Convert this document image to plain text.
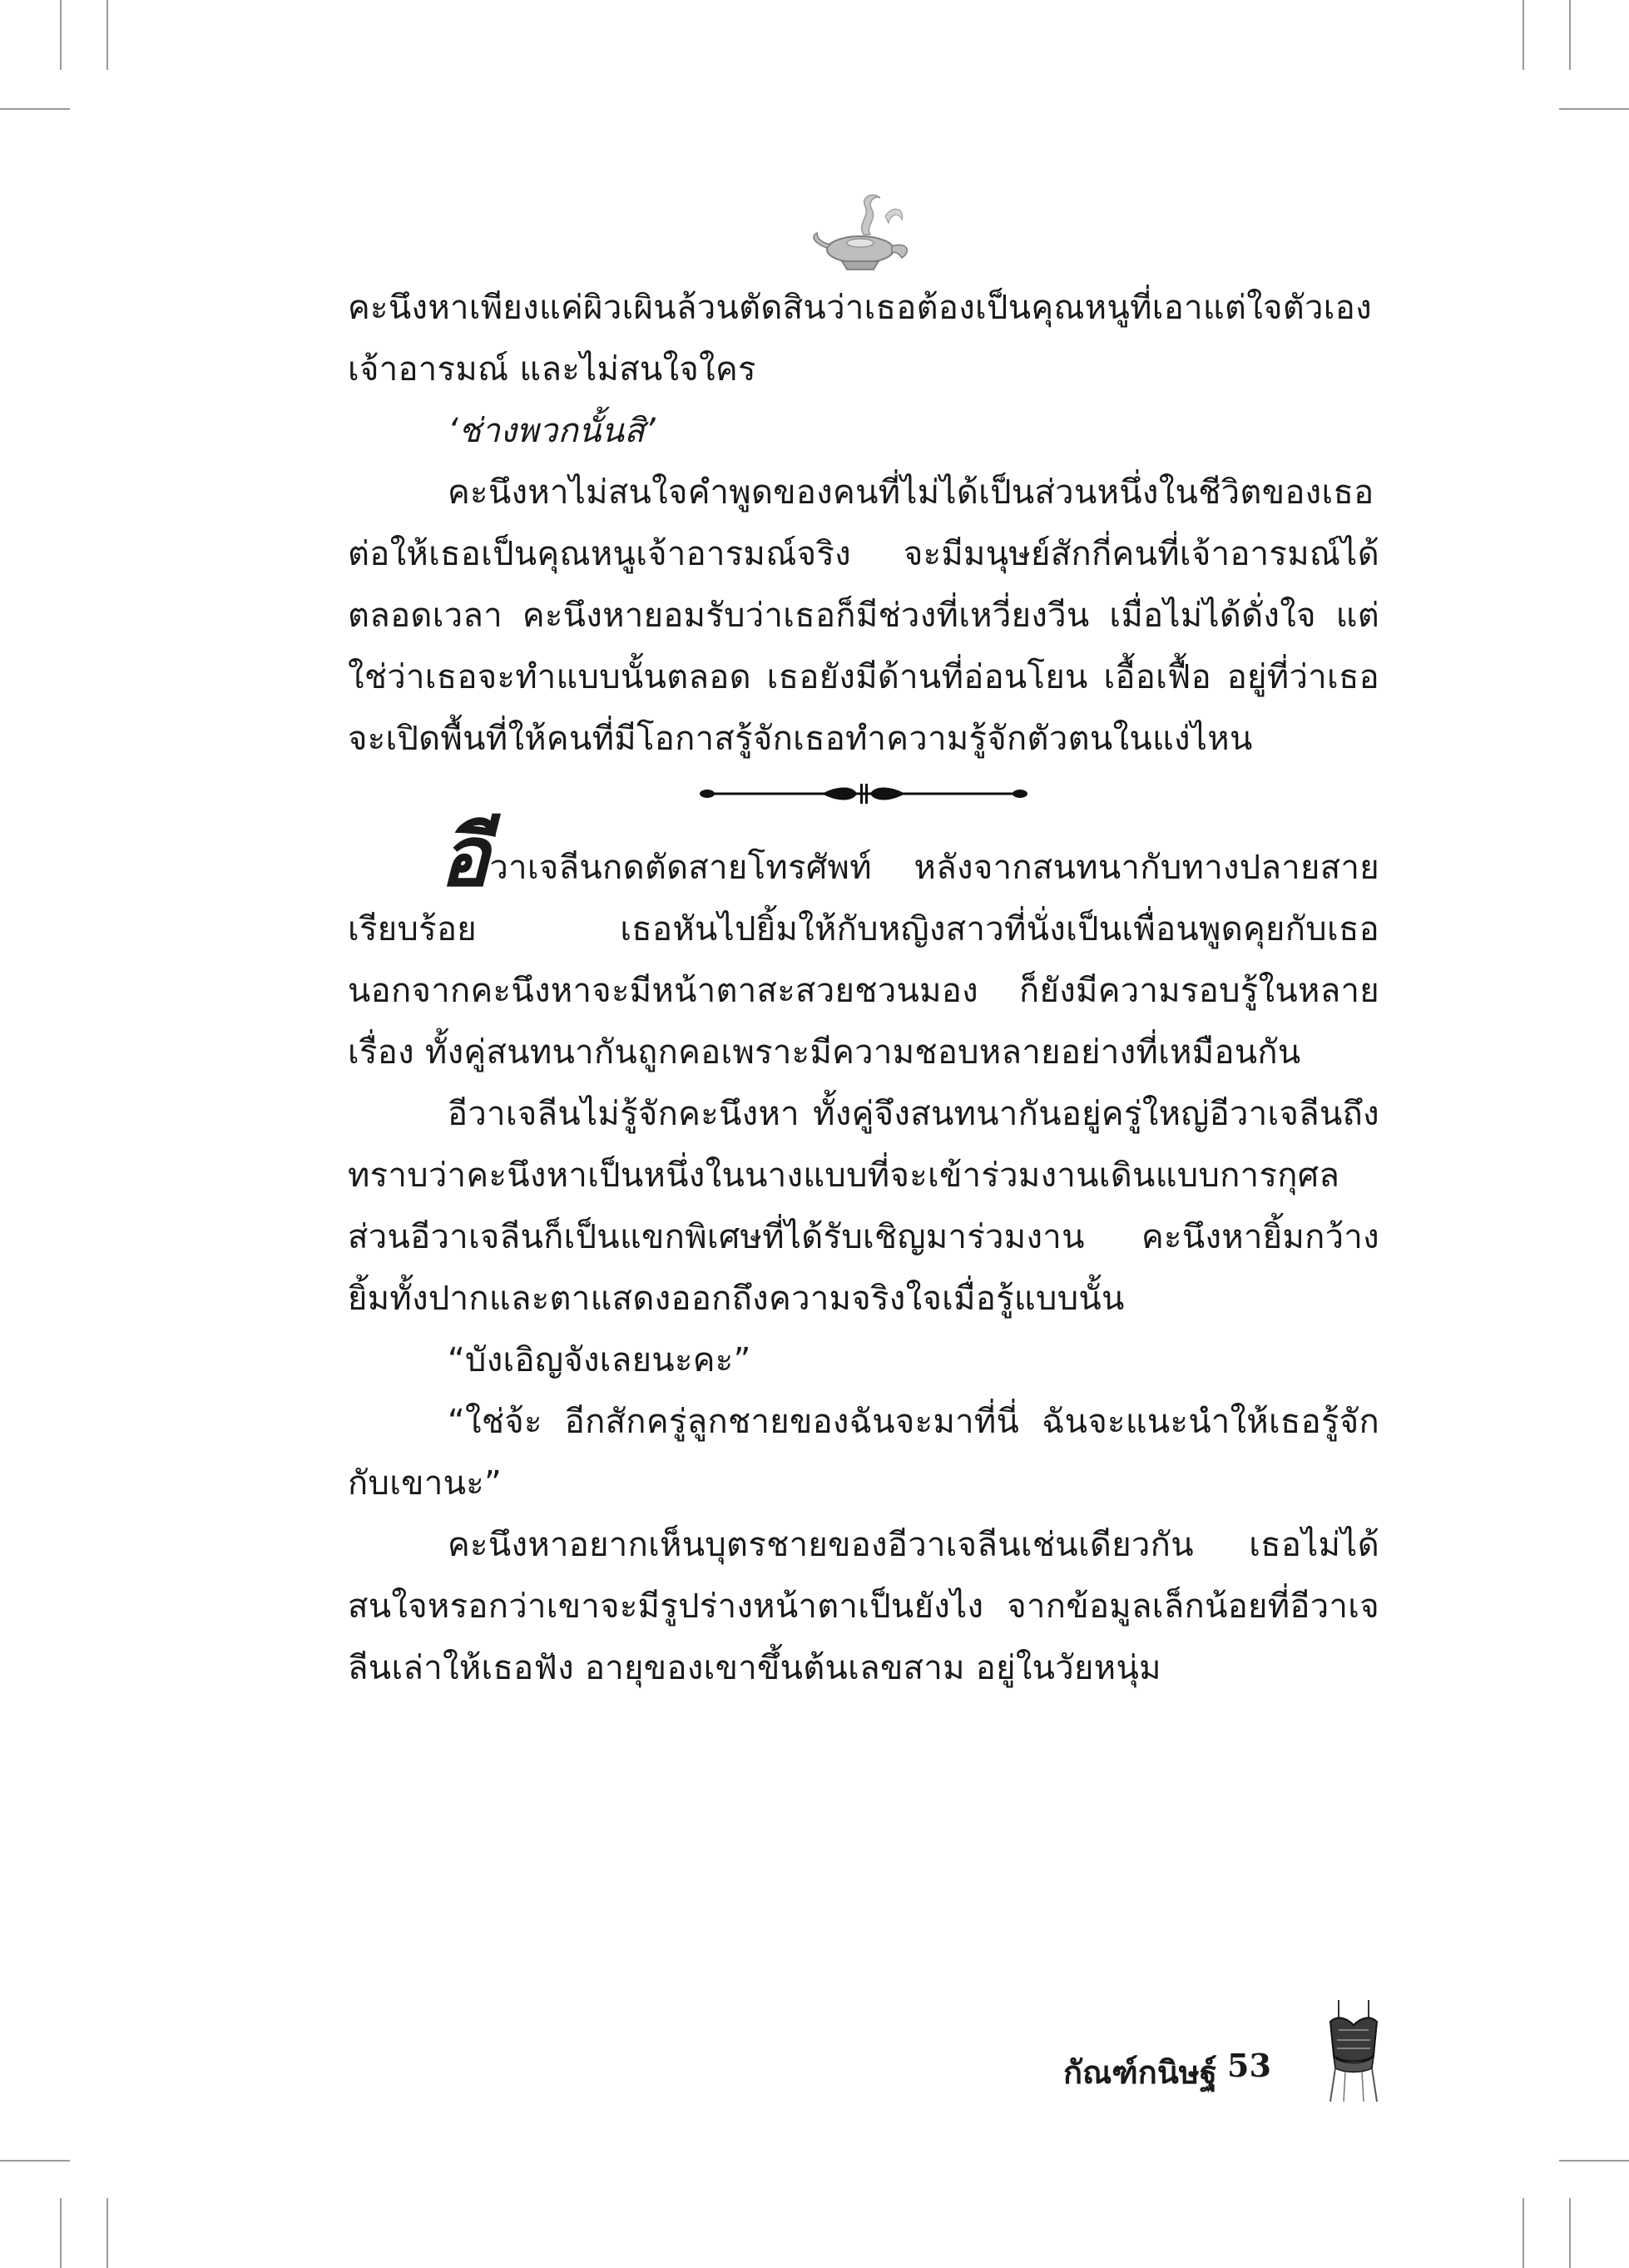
คะนึงหาเพียงแค่ผิวเผินล้วนตัดสินว่าเธอต้องเป็นคุณหนูที่เอาแต่ใจตัวเอง เจ้าอารมณ์ และไม่สนใจใคร

‘ช่างพวกนั้นสิ’

คะนึงหาไม่สนใจคำพูดของคนที่ไม่ได้เป็นส่วนหนึ่งในชีวิตของเธอ ต่อให้เธอเป็นคุณหนูเจ้าอารมณ์จริง จะมีมนุษย์สักกี่คนที่เจ้าอารมณ์ได้ตลอดเวลา คะนึงหายอมรับว่าเธอก็มีช่วงที่เหวี่ยงวีน เมื่อไม่ได้ดั่งใจ แต่ใช่ว่าเธอจะทำแบบนั้นตลอด เธอยังมีด้านที่อ่อนโยน เอื้อเฟื้อ อยู่ที่ว่าเธอจะเปิดพื้นที่ให้คนที่มีโอกาสรู้จักเธอทำความรู้จักตัวตนในแง่ไหน

อีวาเจลีนกดตัดสายโทรศัพท์ หลังจากสนทนากับทางปลายสายเรียบร้อย เธอหันไปยิ้มให้กับหญิงสาวที่นั่งเป็นเพื่อนพูดคุยกับเธอ นอกจากคะนึงหาจะมีหน้าตาสะสวยชวนมอง ก็ยังมีความรอบรู้ในหลายเรื่อง ทั้งคู่สนทนากันถูกคอเพราะมีความชอบหลายอย่างที่เหมือนกัน

อีวาเจลีนไม่รู้จักคะนึงหา ทั้งคู่จึงสนทนากันอยู่ครู่ใหญ่อีวาเจลีนถึงทราบว่าคะนึงหาเป็นหนึ่งในนางแบบที่จะเข้าร่วมงานเดินแบบการกุศล ส่วนอีวาเจลีนก็เป็นแขกพิเศษที่ได้รับเชิญมาร่วมงาน คะนึงหายิ้มกว้าง ยิ้มทั้งปากและตาแสดงออกถึงความจริงใจเมื่อรู้แบบนั้น

“บังเอิญจังเลยนะคะ”

“ใช่จ้ะ อีกสักครู่ลูกชายของฉันจะมาที่นี่ ฉันจะแนะนำให้เธอรู้จักกับเขานะ”

คะนึงหาอยากเห็นบุตรชายของอีวาเจลีนเช่นเดียวกัน เธอไม่ได้สนใจหรอกว่าเขาจะมีรูปร่างหน้าตาเป็นยังไง จากข้อมูลเล็กน้อยที่อีวาเจลีนเล่าให้เธอฟัง อายุของเขาขึ้นต้นเลขสาม อยู่ในวัยหนุ่ม

กัณฑ์กนิษฐ์ 53
